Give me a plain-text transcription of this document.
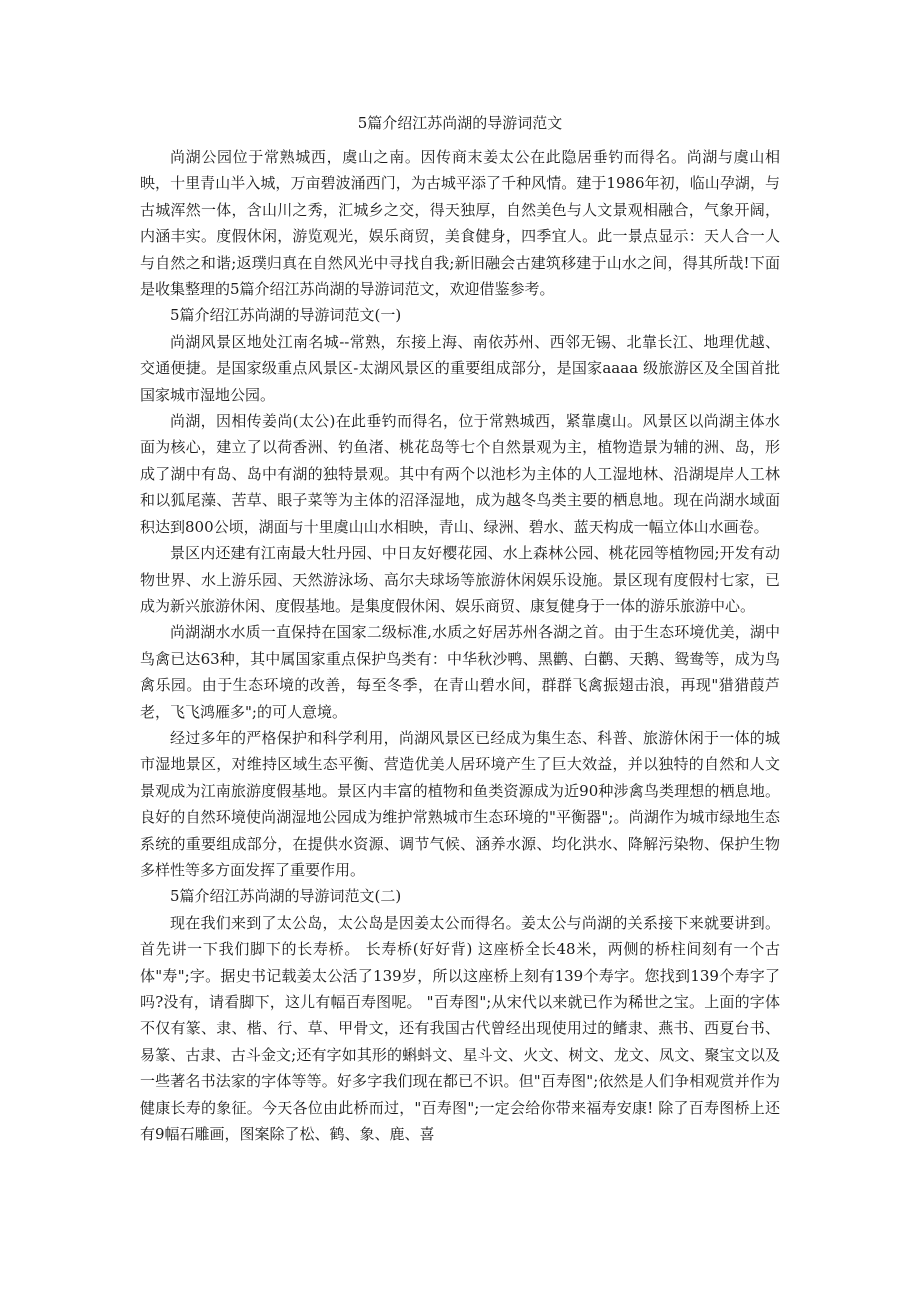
5篇介绍江苏尚湖的导游词范文

尚湖公园位于常熟城西，虞山之南。因传商末姜太公在此隐居垂钓而得名。尚湖与虞山相映，十里青山半入城，万亩碧波涌西门，为古城平添了千种风情。建于1986年初，临山孕湖，与古城浑然一体，含山川之秀，汇城乡之交，得天独厚，自然美色与人文景观相融合，气象开阔，内涵丰实。度假休闲，游览观光，娱乐商贸，美食健身，四季宜人。此一景点显示：天人合一人与自然之和谐;返璞归真在自然风光中寻找自我;新旧融会古建筑移建于山水之间，得其所哉!下面是收集整理的5篇介绍江苏尚湖的导游词范文，欢迎借鉴参考。

5篇介绍江苏尚湖的导游词范文(一)

尚湖风景区地处江南名城--常熟，东接上海、南依苏州、西邻无锡、北靠长江、地理优越、交通便捷。是国家级重点风景区-太湖风景区的重要组成部分，是国家aaaa 级旅游区及全国首批国家城市湿地公园。

尚湖，因相传姜尚(太公)在此垂钓而得名，位于常熟城西，紧靠虞山。风景区以尚湖主体水面为核心，建立了以荷香洲、钓鱼渚、桃花岛等七个自然景观为主，植物造景为辅的洲、岛，形成了湖中有岛、岛中有湖的独特景观。其中有两个以池杉为主体的人工湿地林、沿湖堤岸人工林和以狐尾藻、苦草、眼子菜等为主体的沼泽湿地，成为越冬鸟类主要的栖息地。现在尚湖水域面积达到800公顷，湖面与十里虞山山水相映，青山、绿洲、碧水、蓝天构成一幅立体山水画卷。

景区内还建有江南最大牡丹园、中日友好樱花园、水上森林公园、桃花园等植物园;开发有动物世界、水上游乐园、天然游泳场、高尔夫球场等旅游休闲娱乐设施。景区现有度假村七家，已成为新兴旅游休闲、度假基地。是集度假休闲、娱乐商贸、康复健身于一体的游乐旅游中心。

尚湖湖水水质一直保持在国家二级标准,水质之好居苏州各湖之首。由于生态环境优美，湖中鸟禽已达63种，其中属国家重点保护鸟类有：中华秋沙鸭、黑鹳、白鹳、天鹅、鸳鸯等，成为鸟禽乐园。由于生态环境的改善，每至冬季，在青山碧水间，群群飞禽振翅击浪，再现"猎猎葭芦老，飞飞鸿雁多";的可人意境。

经过多年的严格保护和科学利用，尚湖风景区已经成为集生态、科普、旅游休闲于一体的城市湿地景区，对维持区域生态平衡、营造优美人居环境产生了巨大效益，并以独特的自然和人文景观成为江南旅游度假基地。景区内丰富的植物和鱼类资源成为近90种涉禽鸟类理想的栖息地。良好的自然环境使尚湖湿地公园成为维护常熟城市生态环境的"平衡器";。尚湖作为城市绿地生态系统的重要组成部分，在提供水资源、调节气候、涵养水源、均化洪水、降解污染物、保护生物多样性等多方面发挥了重要作用。

5篇介绍江苏尚湖的导游词范文(二)

现在我们来到了太公岛，太公岛是因姜太公而得名。姜太公与尚湖的关系接下来就要讲到。首先讲一下我们脚下的长寿桥。 长寿桥(好好背) 这座桥全长48米，两侧的桥柱间刻有一个古体"寿";字。据史书记载姜太公活了139岁，所以这座桥上刻有139个寿字。您找到139个寿字了吗?没有，请看脚下，这儿有幅百寿图呢。 "百寿图";从宋代以来就已作为稀世之宝。上面的字体不仅有篆、隶、楷、行、草、甲骨文，还有我国古代曾经出现使用过的鳍隶、燕书、西夏台书、易篆、古隶、古斗金文;还有字如其形的蝌蚪文、星斗文、火文、树文、龙文、凤文、聚宝文以及一些著名书法家的字体等等。好多字我们现在都已不识。但"百寿图";依然是人们争相观赏并作为健康长寿的象征。今天各位由此桥而过，"百寿图";一定会给你带来福寿安康! 除了百寿图桥上还有9幅石雕画，图案除了松、鹤、象、鹿、喜
